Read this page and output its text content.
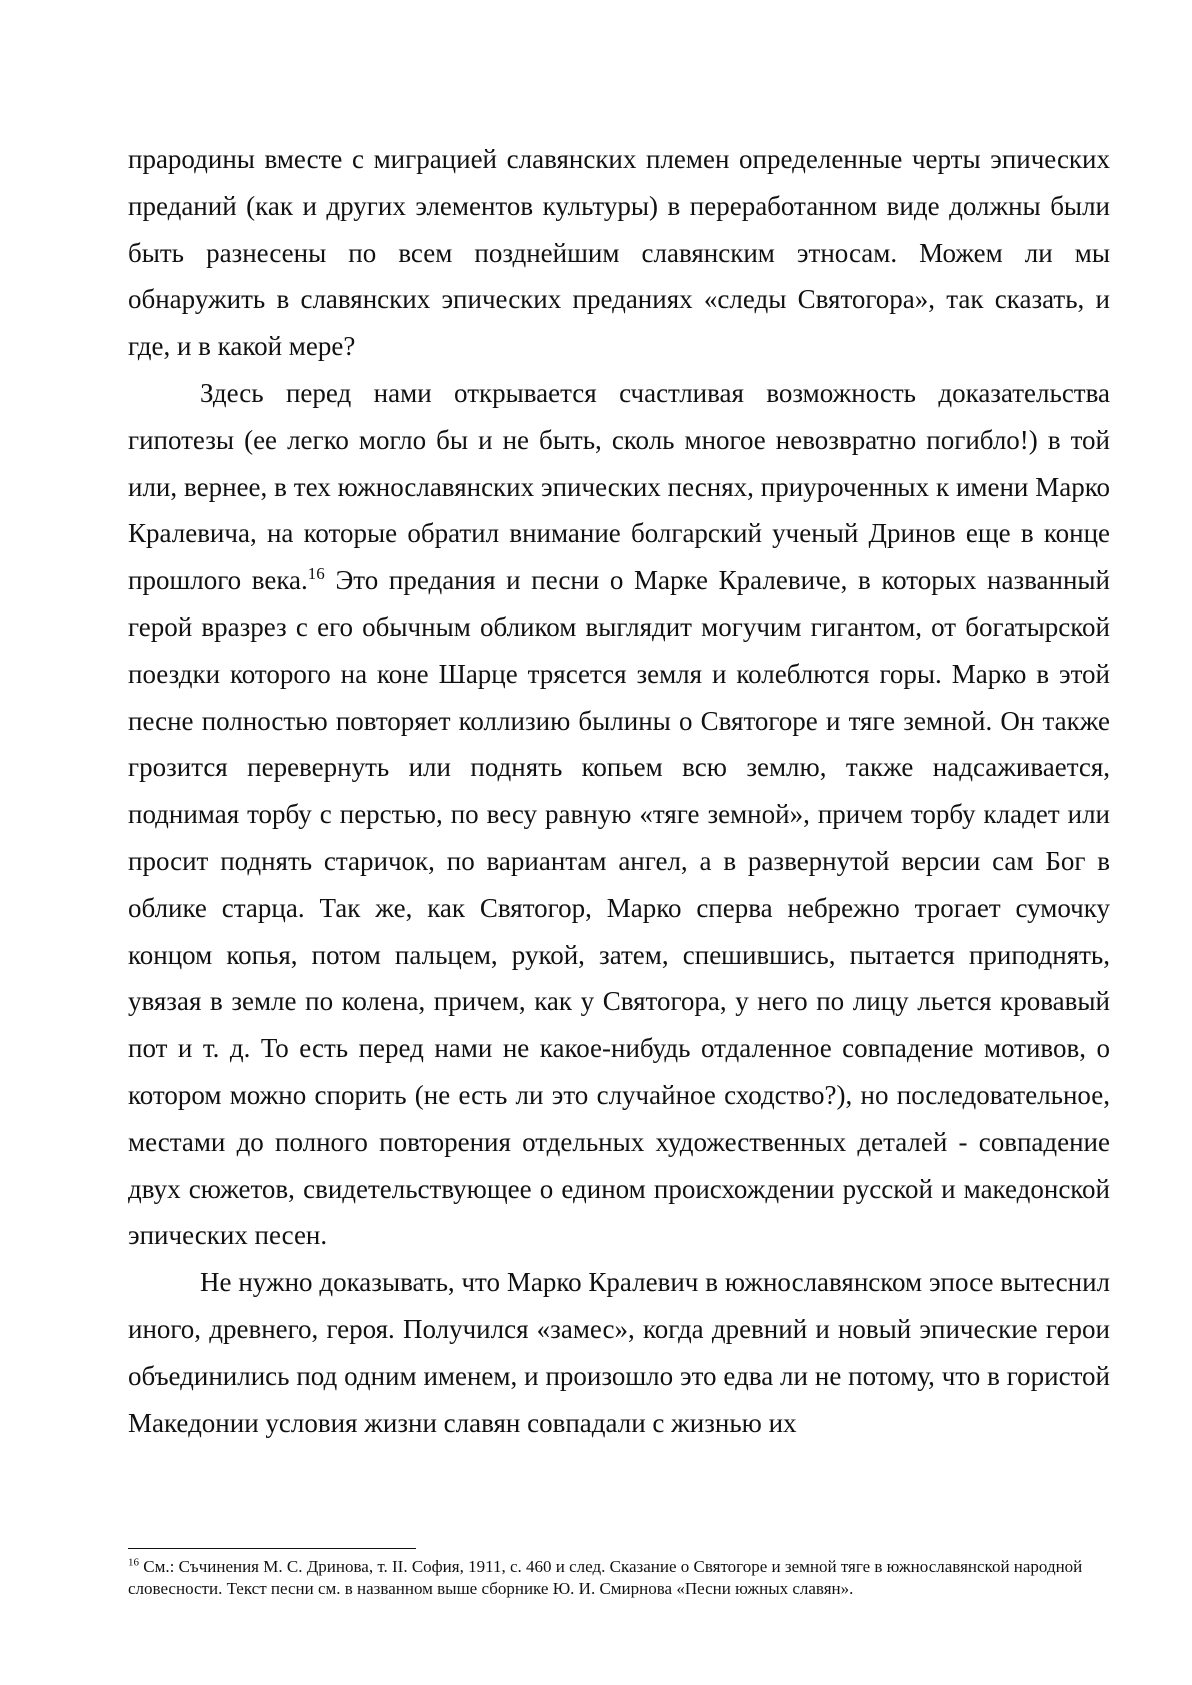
прародины вместе с миграцией славянских племен определенные черты эпических преданий (как и других элементов культуры) в переработанном виде должны были быть разнесены по всем позднейшим славянским этносам. Можем ли мы обнаружить в славянских эпических преданиях «следы Святогора», так сказать, и где, и в какой мере?

Здесь перед нами открывается счастливая возможность доказательства гипотезы (ее легко могло бы и не быть, сколь многое невозвратно погибло!) в той или, вернее, в тех южнославянских эпических песнях, приуроченных к имени Марко Кралевича, на которые обратил внимание болгарский ученый Дринов еще в конце прошлого века.$^{16}$ Это предания и песни о Марке Кралевиче, в которых названный герой вразрез с его обычным обликом выглядит могучим гигантом, от богатырской поездки которого на коне Шарце трясется земля и колеблются горы. Марко в этой песне полностью повторяет коллизию былины о Святогоре и тяге земной. Он также грозится перевернуть или поднять копьем всю землю, также надсаживается, поднимая торбу с перстью, по весу равную «тяге земной», причем торбу кладет или просит поднять старичок, по вариантам ангел, а в развернутой версии сам Бог в облике старца. Так же, как Святогор, Марко сперва небрежно трогает сумочку концом копья, потом пальцем, рукой, затем, спешившись, пытается приподнять, увязая в земле по колена, причем, как у Святогора, у него по лицу льется кровавый пот и т. д. То есть перед нами не какое-нибудь отдаленное совпадение мотивов, о котором можно спорить (не есть ли это случайное сходство?), но последовательное, местами до полного повторения отдельных художественных деталей - совпадение двух сюжетов, свидетельствующее о едином происхождении русской и македонской эпических песен.

Не нужно доказывать, что Марко Кралевич в южнославянском эпосе вытеснил иного, древнего, героя. Получился «замес», когда древний и новый эпические герои объединились под одним именем, и произошло это едва ли не потому, что в гористой Македонии условия жизни славян совпадали с жизнью их

$^{16}$ См.: Съчинения М. С. Дринова, т. II. София, 1911, с. 460 и след. Сказание о Святогоре и земной тяге в южнославянской народной словесности. Текст песни см. в названном выше сборнике Ю. И. Смирнова «Песни южных славян».
